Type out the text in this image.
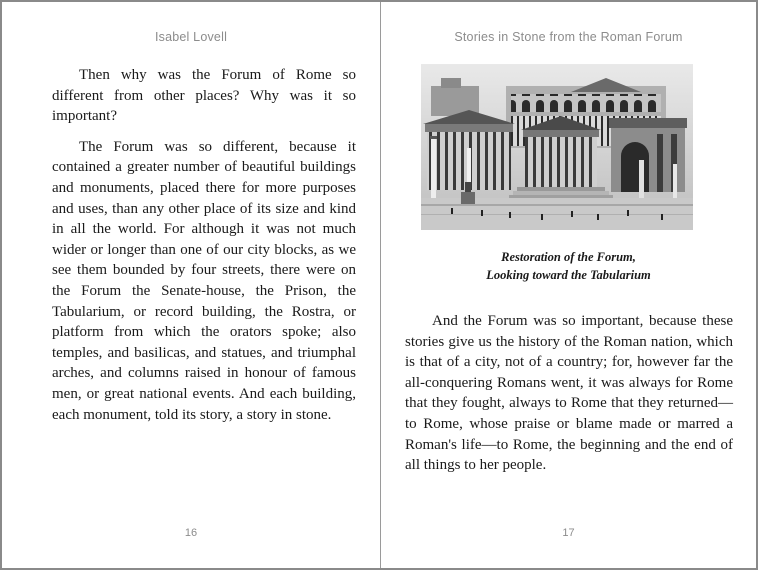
Isabel Lovell

Then why was the Forum of Rome so different from other places? Why was it so important?

The Forum was so different, because it contained a greater number of beautiful buildings and monuments, placed there for more purposes and uses, than any other place of its size and kind in all the world. For although it was not much wider or longer than one of our city blocks, as we see them bounded by four streets, there were on the Forum the Senate-house, the Prison, the Tabularium, or record building, the Rostra, or platform from which the orators spoke; also temples, and basilicas, and statues, and triumphal arches, and columns raised in honour of famous men, or great national events. And each building, each monument, told its story, a story in stone.

16
Stories in Stone from the Roman Forum
Restoration of the Forum,
Looking toward the Tabularium

And the Forum was so important, because these stories give us the history of the Roman nation, which is that of a city, not of a country; for, however far the all-conquering Romans went, it was always for Rome that they fought, always to Rome that they returned—to Rome, whose praise or blame made or marred a Roman's life—to Rome, the beginning and the end of all things to her people.

17
